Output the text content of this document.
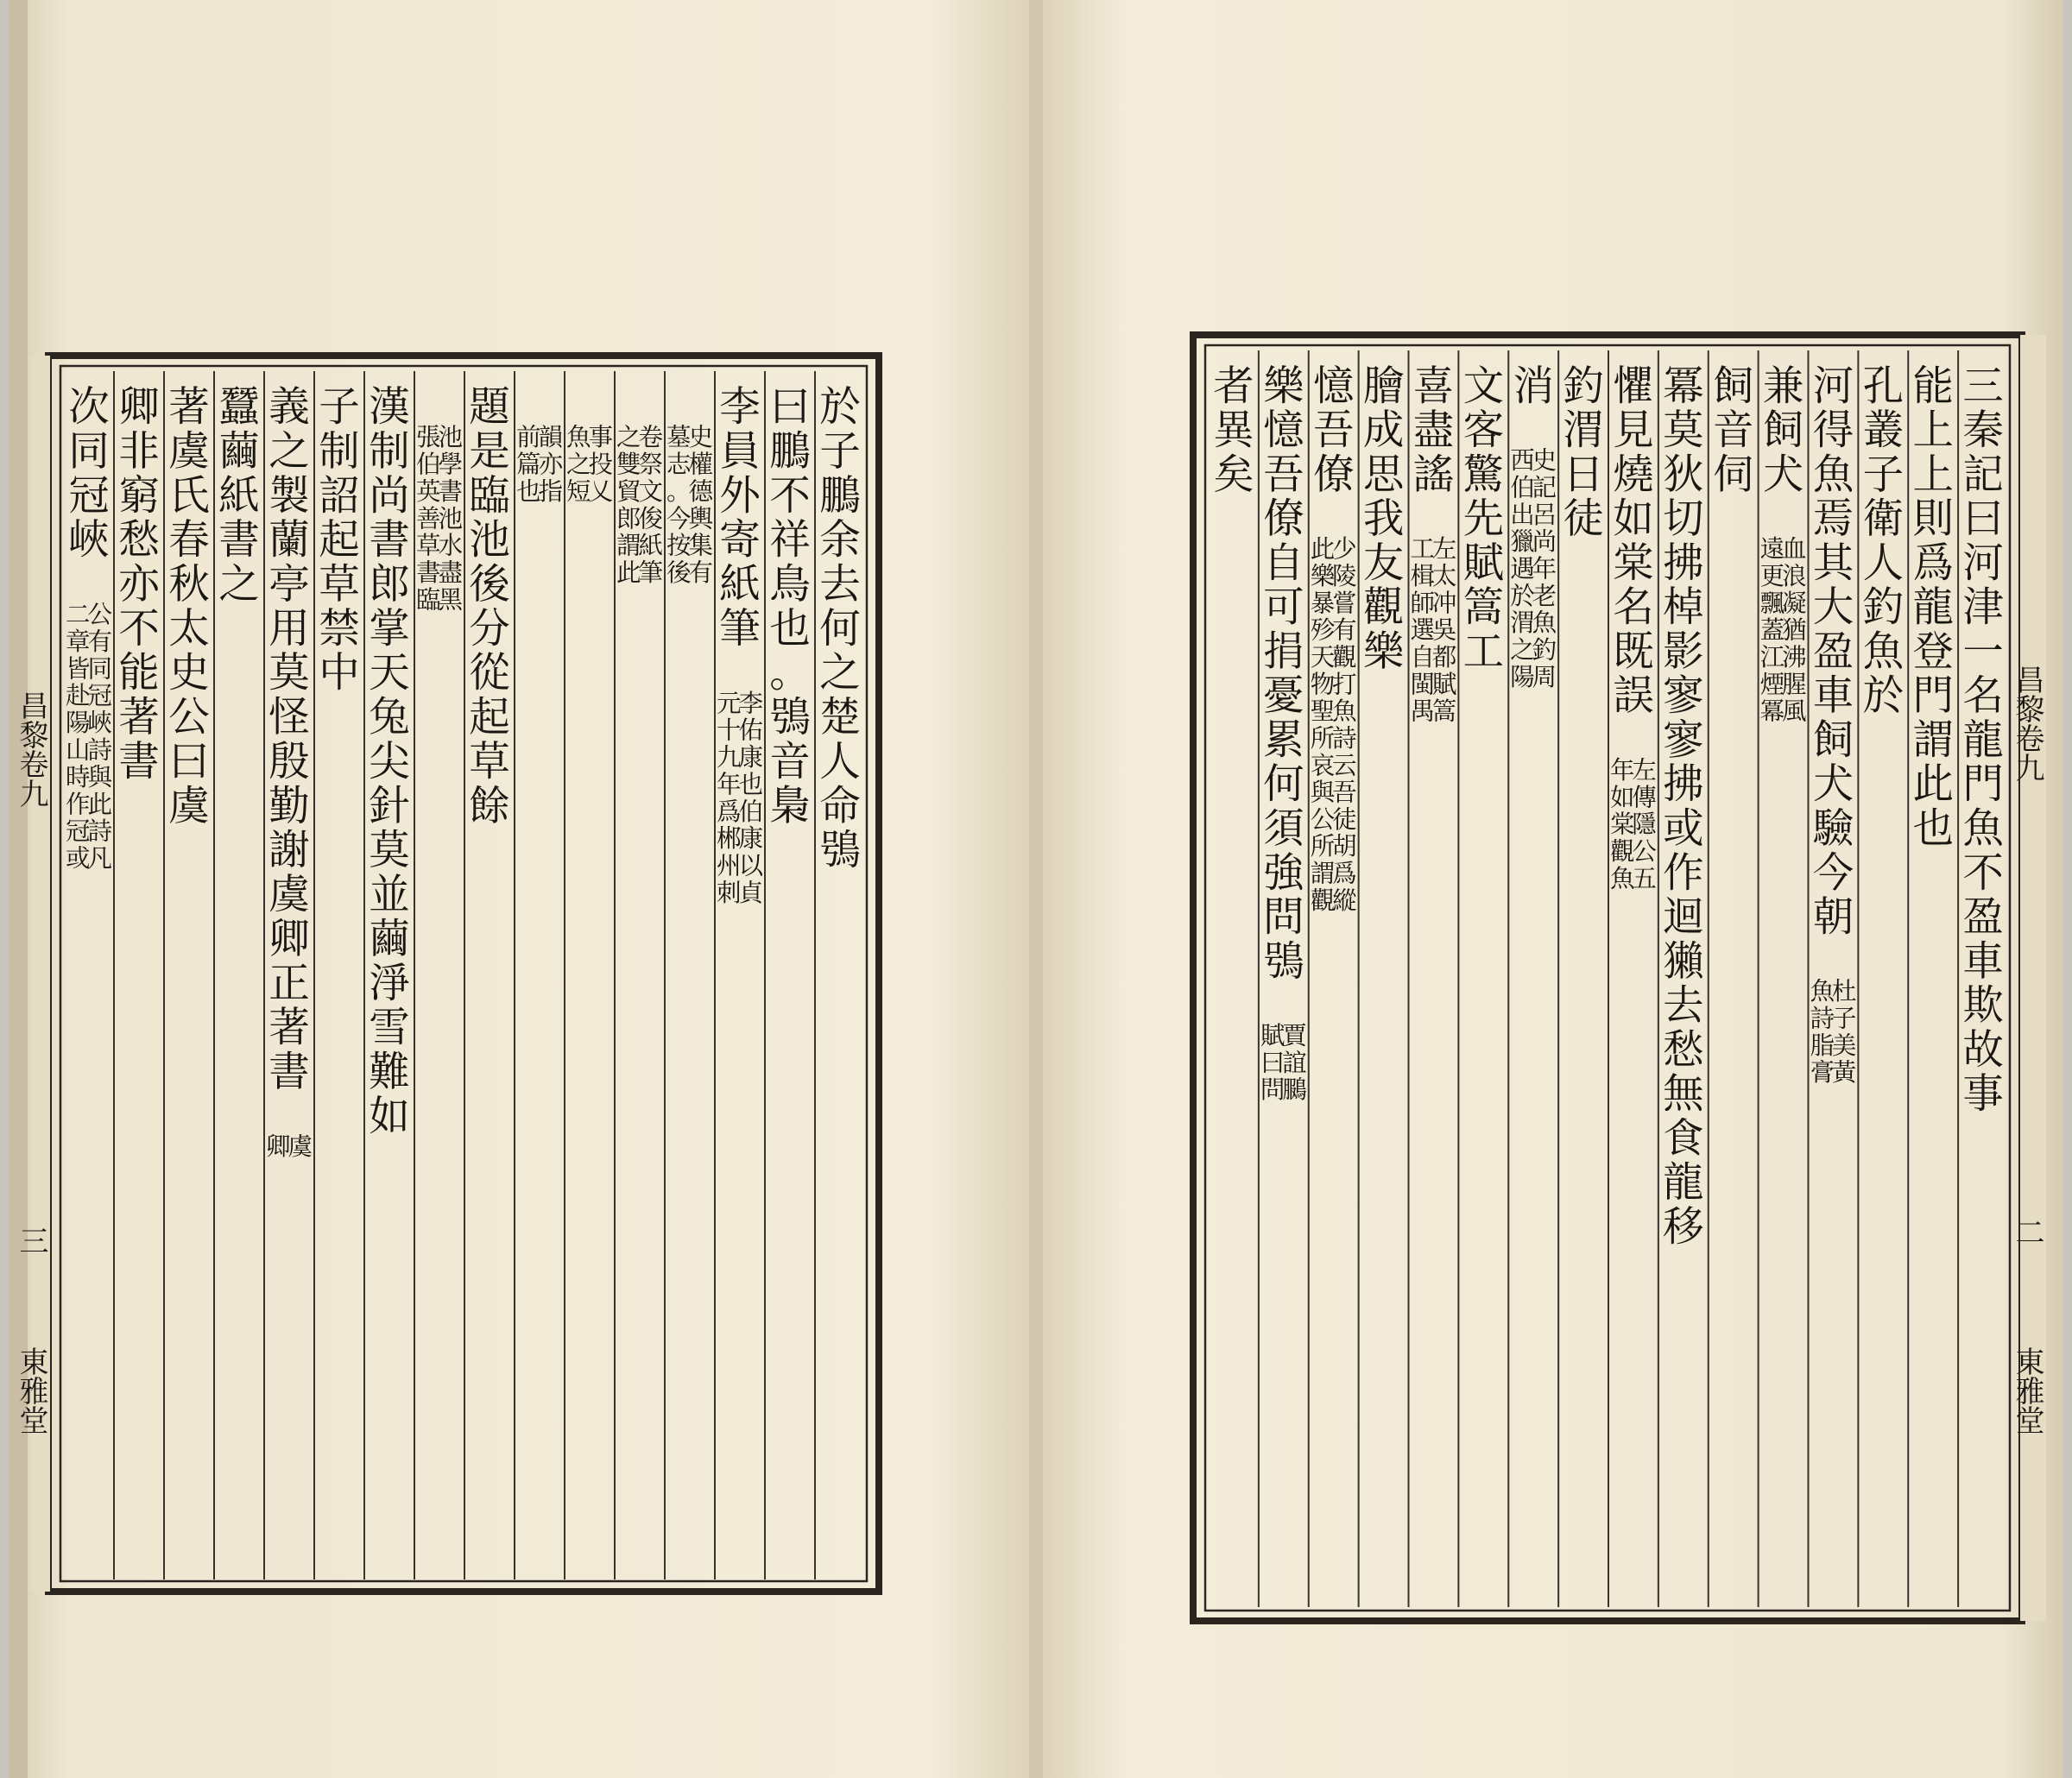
於
子
鵬
余
去
何
之
楚
人
命
鴞
曰
鵬
不
祥
鳥
也
。
鴞
音
梟
李
員
外
寄
紙
筆
李
佑
康
也
伯
康
以
貞
元
十
九
年
爲
郴
州
刺
史
權
德
輿
集
有
墓
志
。
今
按
後
卷
祭
文
俊
紙
筆
之
雙
貿
郎
謂
此
事
投
乂
魚
之
短
韻
亦
指
前
篇
也
題
是
臨
池
後
分
從
起
草
餘
池
學
書
池
水
盡
黑
張
伯
英
善
草
書
臨
漢
制
尚
書
郎
掌
天
兔
尖
針
莫
並
繭
淨
雪
難
如
子
制
詔
起
草
禁
中
義
之
製
蘭
亭
用
莫
怪
殷
勤
謝
虞
卿
正
著
書
虞
卿
蠶
繭
紙
書
之
著
虞
氏
春
秋
太
史
公
曰
虞
卿
非
窮
愁
亦
不
能
著
書
次
同
冠
峽
公
有
同
冠
峽
詩
與
此
詩
凡
二
章
皆
赴
陽
山
時
作
冠
或
昌黎卷九
三
東雅堂
三
秦
記
曰
河
津
一
名
龍
門
魚
不
盈
車
欺
故
事
能
上
上
則
爲
龍
登
門
謂
此
也
孔
叢
子
衛
人
釣
魚
於
河
得
魚
焉
其
大
盈
車
飼
犬
驗
今
朝
杜
子
美
黃
魚
詩
脂
膏
兼
飼
犬
血
浪
凝
猶
沸
腥
風
遠
更
飄
蓋
江
煙
冪
飼
音
伺
冪
莫
狄
切
拂
棹
影
寥
寥
拂
或
作
迴
獺
去
愁
無
食
龍
移
懼
見
燒
如
棠
名
既
誤
左
傳
隱
公
五
年
如
棠
觀
魚
釣
渭
日
徒
消
史
記
呂
尚
年
老
魚
釣
周
西
伯
出
獵
遇
於
渭
之
陽
文
客
驚
先
賦
篙
工
喜
盡
謠
左
太
冲
吳
都
賦
篙
工
楫
師
選
自
閩
禺
膾
成
思
我
友
觀
樂
憶
吾
僚
少
陵
嘗
有
觀
打
魚
詩
云
吾
徒
胡
爲
縱
此
樂
暴
殄
天
物
聖
所
哀
與
公
所
謂
觀
樂
憶
吾
僚
自
可
捐
憂
累
何
須
強
問
鴞
賈
誼
鵩
賦
曰
問
者
異
矣
昌黎卷九
二
東雅堂
